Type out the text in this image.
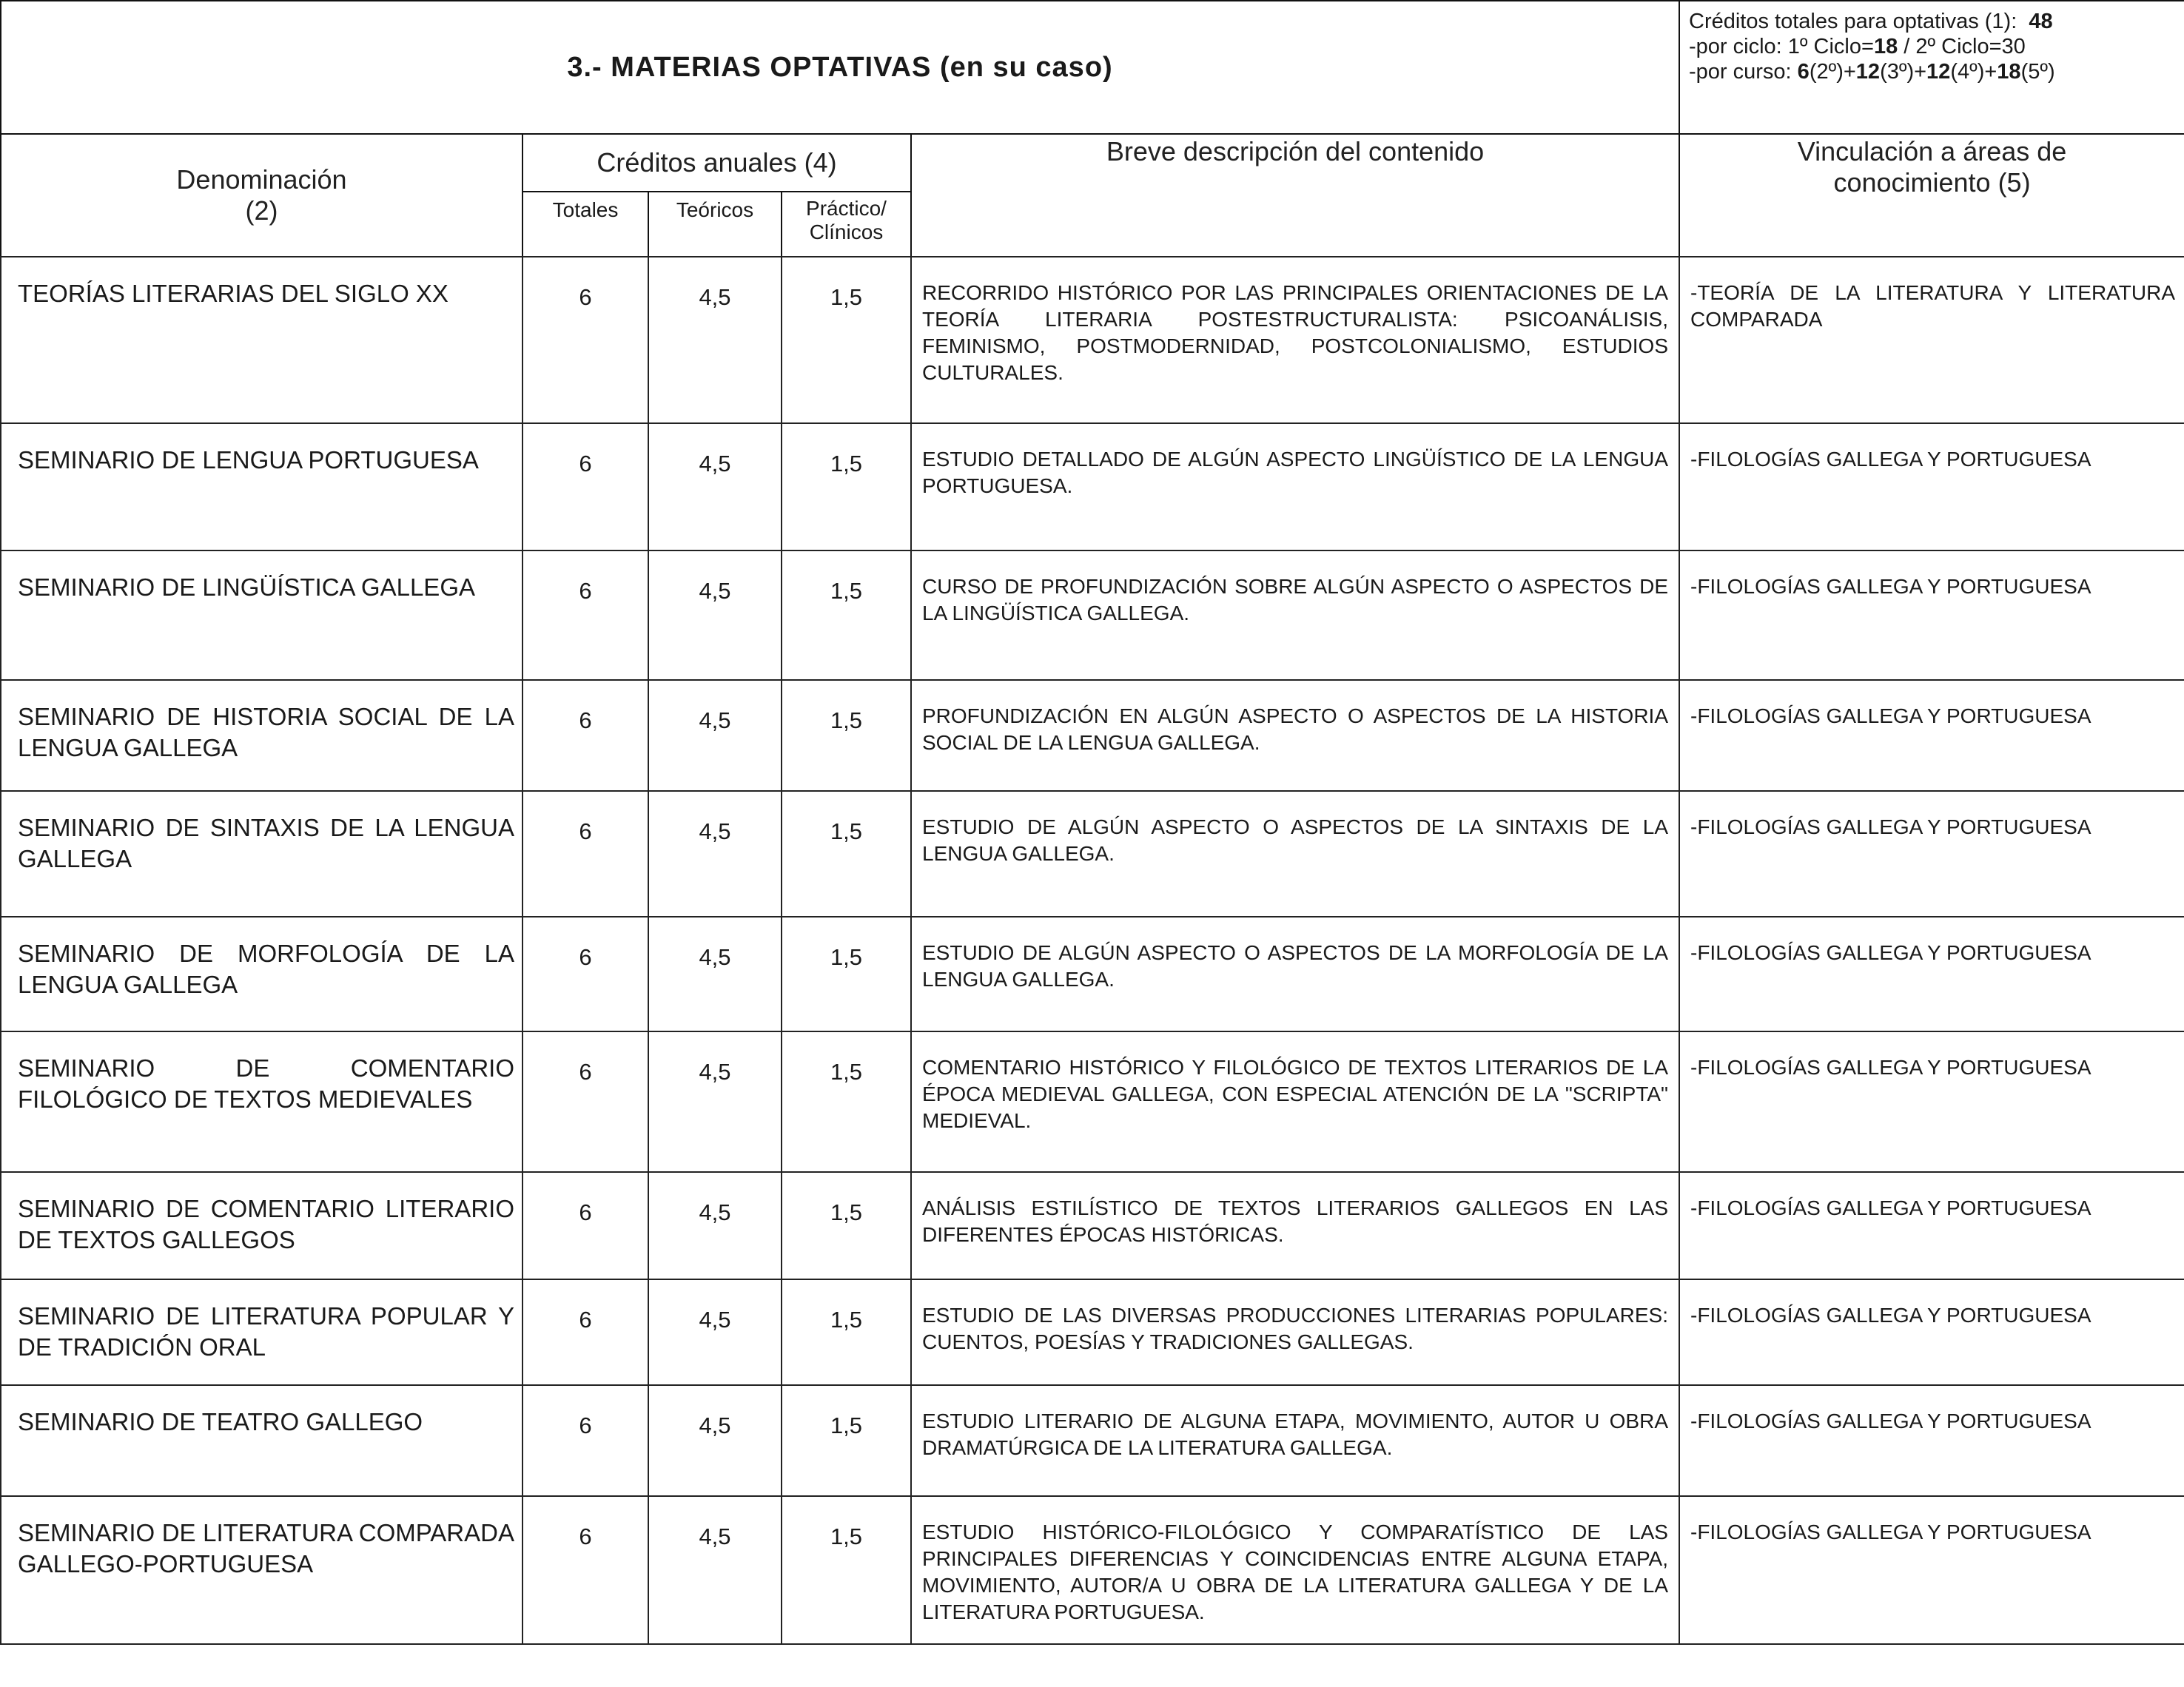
3.- MATERIAS OPTATIVAS (en su caso)	
Créditos totales para optativas (1): 48
-por ciclo: 1º Ciclo=18 / 2º Ciclo=30
-por curso: 6(2º)+12(3º)+12(4º)+18(5º)
Denominación
(2)	Créditos anuales (4)			Breve descripción del contenido	Vinculación a áreas de conocimiento (5)
	Totales	Teóricos	Práctico/ Clínicos		
TEORÍAS LITERARIAS DEL SIGLO XX	6	4,5	1,5	RECORRIDO HISTÓRICO POR LAS PRINCIPALES ORIENTACIONES DE LA TEORÍA LITERARIA POSTESTRUCTURALISTA: PSICOANÁLISIS, FEMINISMO, POSTMODERNIDAD, POSTCOLONIALISMO, ESTUDIOS CULTURALES.	-TEORÍA DE LA LITERATURA Y LITERATURA COMPARADA
SEMINARIO DE LENGUA PORTUGUESA	6	4,5	1,5	ESTUDIO DETALLADO DE ALGÚN ASPECTO LINGÜÍSTICO DE LA LENGUA PORTUGUESA.	-FILOLOGÍAS GALLEGA Y PORTUGUESA
SEMINARIO DE LINGÜÍSTICA GALLEGA	6	4,5	1,5	CURSO DE PROFUNDIZACIÓN SOBRE ALGÚN ASPECTO O ASPECTOS DE LA LINGÜÍSTICA GALLEGA.	-FILOLOGÍAS GALLEGA Y PORTUGUESA
SEMINARIO DE HISTORIA SOCIAL DE LA LENGUA GALLEGA	6	4,5	1,5	PROFUNDIZACIÓN EN ALGÚN ASPECTO O ASPECTOS DE LA HISTORIA SOCIAL DE LA LENGUA GALLEGA.	-FILOLOGÍAS GALLEGA Y PORTUGUESA
SEMINARIO DE SINTAXIS DE LA LENGUA GALLEGA	6	4,5	1,5	ESTUDIO DE ALGÚN ASPECTO O ASPECTOS DE LA SINTAXIS DE LA LENGUA GALLEGA.	-FILOLOGÍAS GALLEGA Y PORTUGUESA
SEMINARIO DE MORFOLOGÍA DE LA LENGUA GALLEGA	6	4,5	1,5	ESTUDIO DE ALGÚN ASPECTO O ASPECTOS DE LA MORFOLOGÍA DE LA LENGUA GALLEGA.	-FILOLOGÍAS GALLEGA Y PORTUGUESA
SEMINARIO DE COMENTARIO FILOLÓGICO DE TEXTOS MEDIEVALES	6	4,5	1,5	COMENTARIO HISTÓRICO Y FILOLÓGICO DE TEXTOS LITERARIOS DE LA ÉPOCA MEDIEVAL GALLEGA, CON ESPECIAL ATENCIÓN DE LA "SCRIPTA" MEDIEVAL.	-FILOLOGÍAS GALLEGA Y PORTUGUESA
SEMINARIO DE COMENTARIO LITERARIO DE TEXTOS GALLEGOS	6	4,5	1,5	ANÁLISIS ESTILÍSTICO DE TEXTOS LITERARIOS GALLEGOS EN LAS DIFERENTES ÉPOCAS HISTÓRICAS.	-FILOLOGÍAS GALLEGA Y PORTUGUESA
SEMINARIO DE LITERATURA POPULAR Y DE TRADICIÓN ORAL	6	4,5	1,5	ESTUDIO DE LAS DIVERSAS PRODUCCIONES LITERARIAS POPULARES: CUENTOS, POESÍAS Y TRADICIONES GALLEGAS.	-FILOLOGÍAS GALLEGA Y PORTUGUESA
SEMINARIO DE TEATRO GALLEGO	6	4,5	1,5	ESTUDIO LITERARIO DE ALGUNA ETAPA, MOVIMIENTO, AUTOR U OBRA DRAMATÚRGICA DE LA LITERATURA GALLEGA.	-FILOLOGÍAS GALLEGA Y PORTUGUESA
SEMINARIO DE LITERATURA COMPARADA GALLEGO-PORTUGUESA	6	4,5	1,5	ESTUDIO HISTÓRICO-FILOLÓGICO Y COMPARATÍSTICO DE LAS PRINCIPALES DIFERENCIAS Y COINCIDENCIAS ENTRE ALGUNA ETAPA, MOVIMIENTO, AUTOR/A U OBRA DE LA LITERATURA GALLEGA Y DE LA LITERATURA PORTUGUESA.	-FILOLOGÍAS GALLEGA Y PORTUGUESA
